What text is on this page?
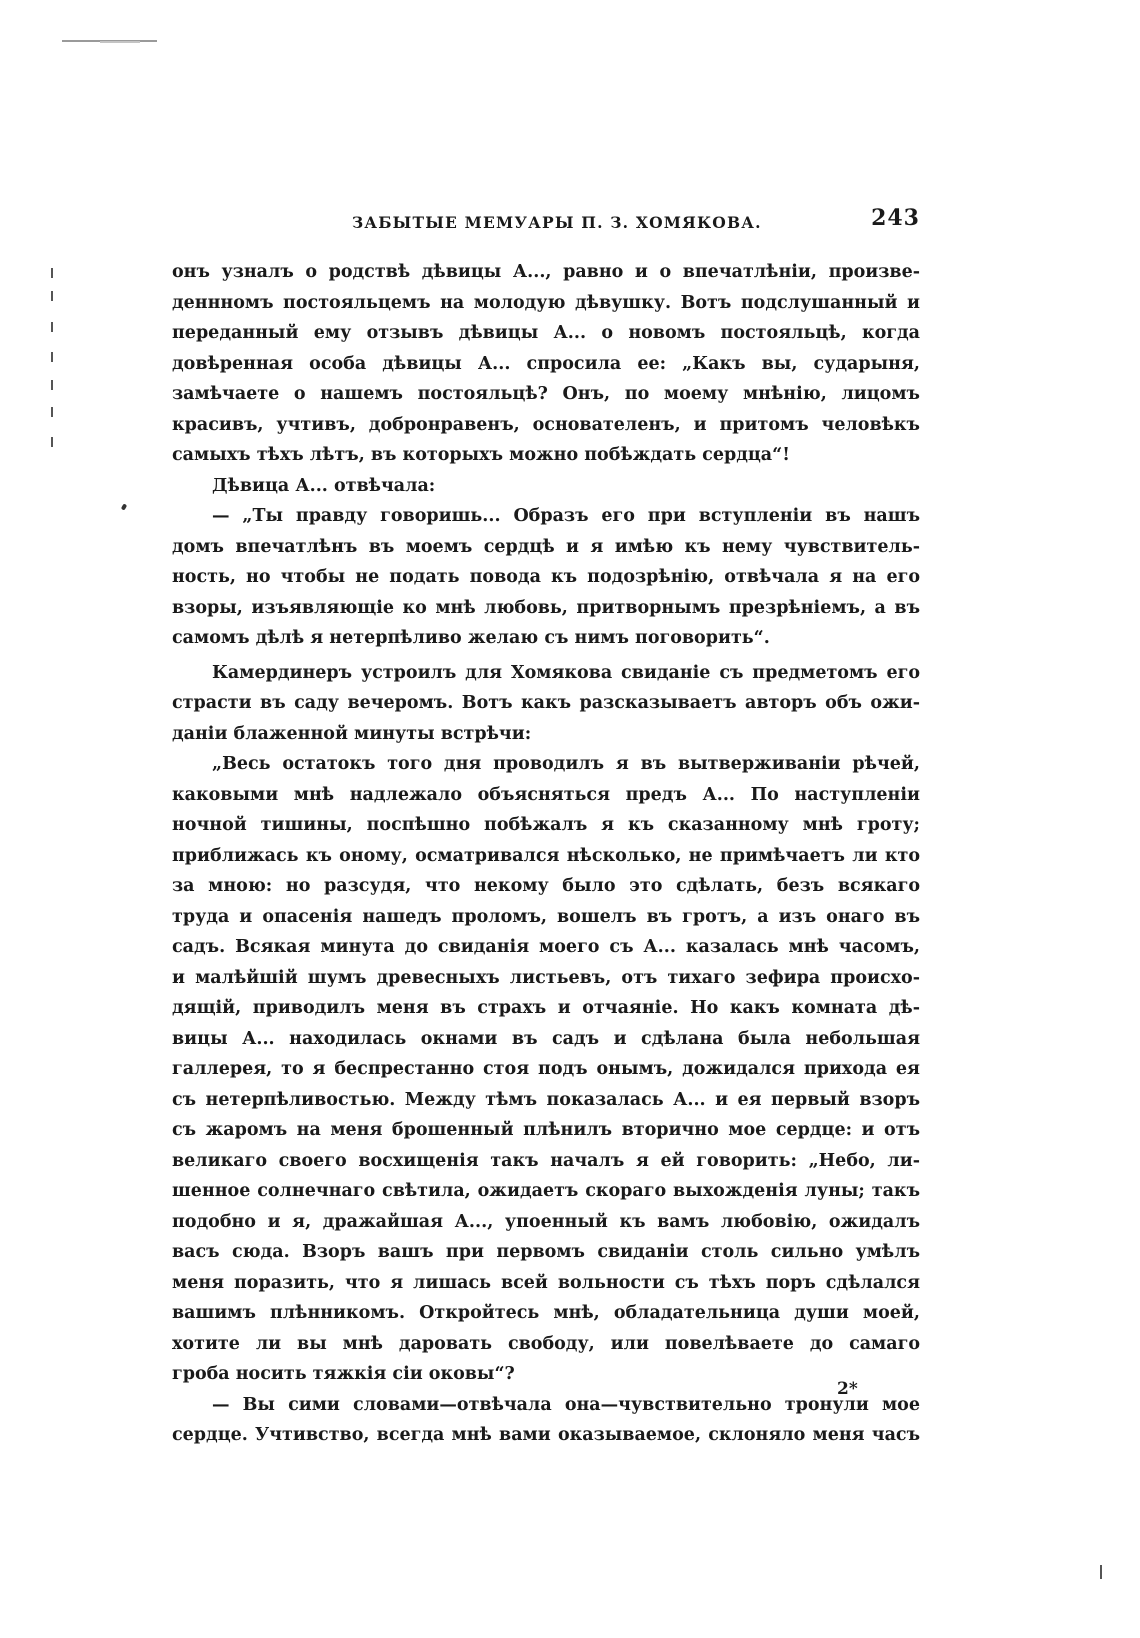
ЗАБЫТЫЕ МЕМУАРЫ П. З. ХОМЯКОВА.	243
онъ узналъ о родствѣ дѣвицы А..., равно и о впечатлѣніи, произве-
деннномъ постояльцемъ на молодую дѣвушку. Вотъ подслушанный и
переданный ему отзывъ дѣвицы А... о новомъ постояльцѣ, когда
довѣренная особа дѣвицы А... спросила ее: „Какъ вы, сударыня,
замѣчаете о нашемъ постояльцѣ? Онъ, по моему мнѣнію, лицомъ
красивъ, учтивъ, добронравенъ, основателенъ, и притомъ человѣкъ
самыхъ тѣхъ лѣтъ, въ которыхъ можно побѣждать сердца“!
Дѣвица А... отвѣчала:
— „Ты правду говоришь... Образъ его при вступленіи въ нашъ
домъ впечатлѣнъ въ моемъ сердцѣ и я имѣю къ нему чувствитель-
ность, но чтобы не подать повода къ подозрѣнію, отвѣчала я на его
взоры, изъявляющіе ко мнѣ любовь, притворнымъ презрѣніемъ, а въ
самомъ дѣлѣ я нетерпѣливо желаю съ нимъ поговорить“.
Камердинеръ устроилъ для Хомякова свиданіе съ предметомъ его
страсти въ саду вечеромъ. Вотъ какъ разсказываетъ авторъ объ ожи-
даніи блаженной минуты встрѣчи:
„Весь остатокъ того дня проводилъ я въ вытверживаніи рѣчей,
каковыми мнѣ надлежало объясняться предъ А... По наступленіи
ночной тишины, поспѣшно побѣжалъ я къ сказанному мнѣ гроту;
приближась къ оному, осматривался нѣсколько, не примѣчаетъ ли кто
за мною: но разсудя, что некому было это сдѣлать, безъ всякаго
труда и опасенія нашедъ проломъ, вошелъ въ гротъ, а изъ онаго въ
садъ. Всякая минута до свиданія моего съ А... казалась мнѣ часомъ,
и малѣйшій шумъ древесныхъ листьевъ, отъ тихаго зефира происхо-
дящій, приводилъ меня въ страхъ и отчаяніе. Но какъ комната дѣ-
вицы А... находилась окнами въ садъ и сдѣлана была небольшая
галлерея, то я беспрестанно стоя подъ онымъ, дожидался прихода ея
съ нетерпѣливостью. Между тѣмъ показалась А... и ея первый взоръ
съ жаромъ на меня брошенный плѣнилъ вторично мое сердце: и отъ
великаго своего восхищенія такъ началъ я ей говорить: „Небо, ли-
шенное солнечнаго свѣтила, ожидаетъ скораго выхожденія луны; такъ
подобно и я, дражайшая А..., упоенный къ вамъ любовію, ожидалъ
васъ сюда. Взоръ вашъ при первомъ свиданіи столь сильно умѣлъ
меня поразить, что я лишась всей вольности съ тѣхъ поръ сдѣлался
вашимъ плѣнникомъ. Откройтесь мнѣ, обладательница души моей,
хотите ли вы мнѣ даровать свободу, или повелѣваете до самаго
гроба носить тяжкія сіи оковы“?
— Вы сими словами—отвѣчала она—чувствительно тронули мое
сердце. Учтивство, всегда мнѣ вами оказываемое, склоняло меня часъ
2*
